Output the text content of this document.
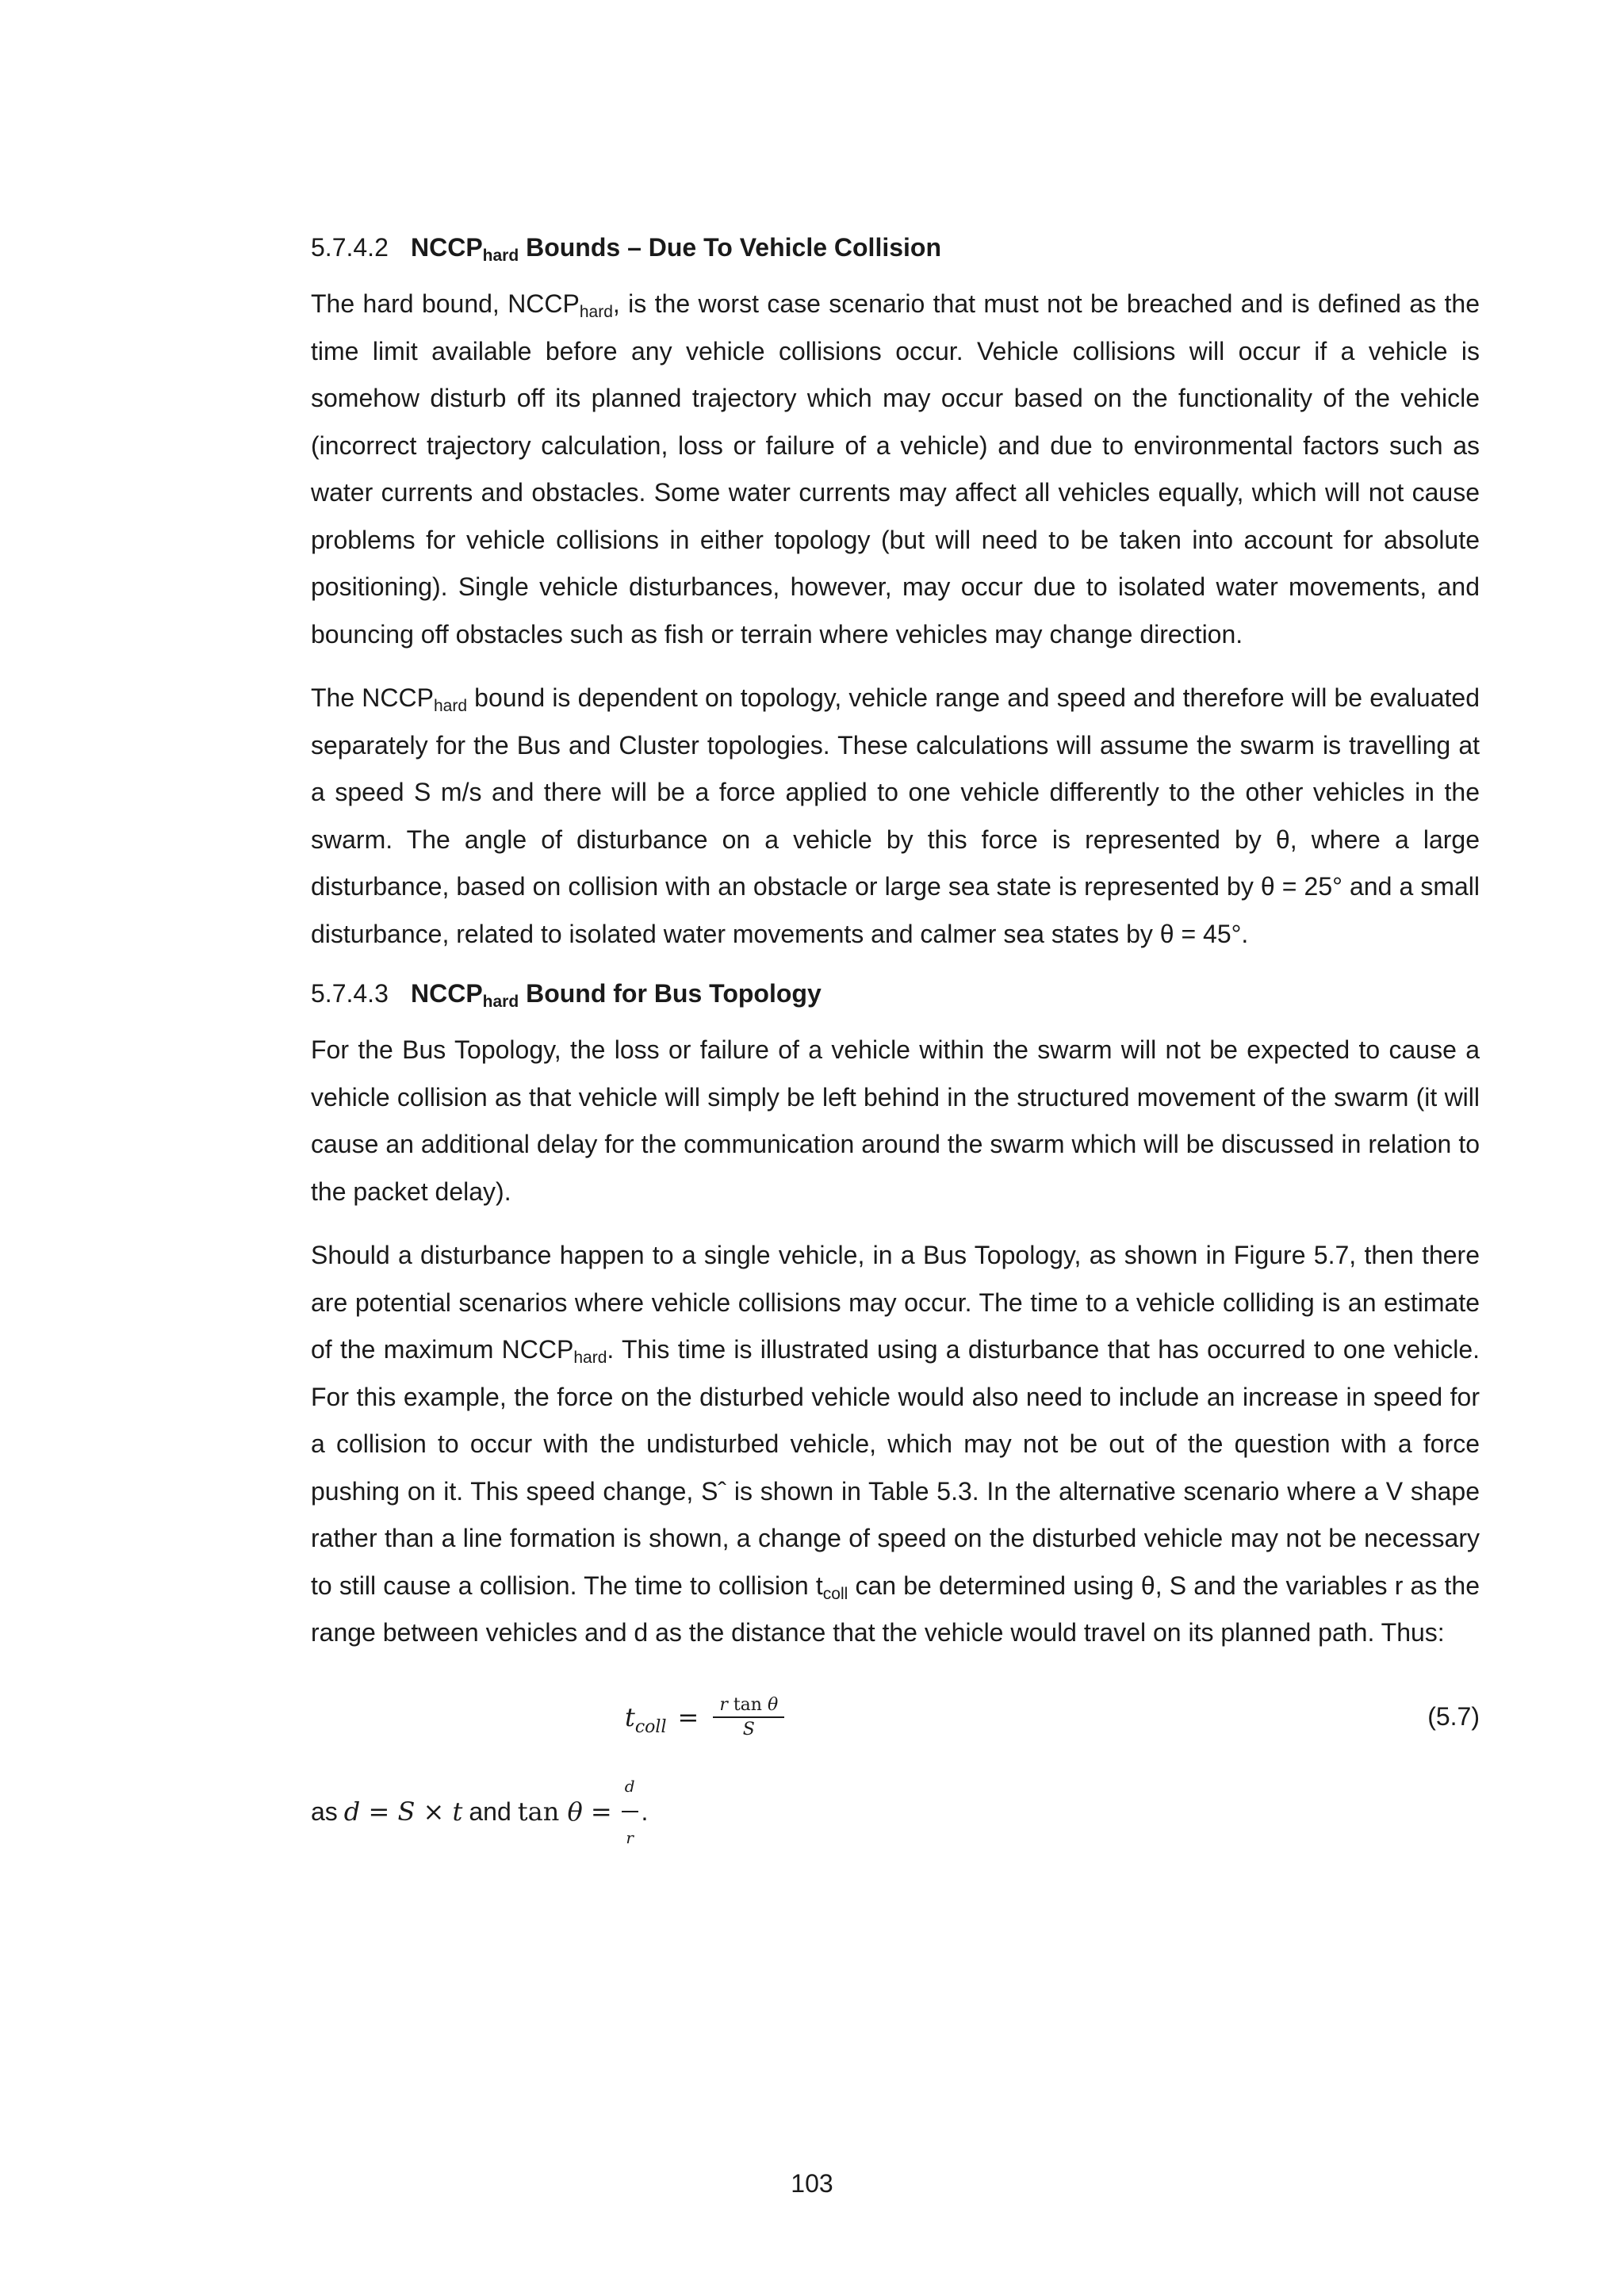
5.7.4.2 $NCCP_{hard}$ Bounds – Due To Vehicle Collision

The hard bound, $NCCP_{hard}$, is the worst case scenario that must not be breached and is defined as the time limit available before any vehicle collisions occur. Vehicle collisions will occur if a vehicle is somehow disturb off its planned trajectory which may occur based on the functionality of the vehicle (incorrect trajectory calculation, loss or failure of a vehicle) and due to environmental factors such as water currents and obstacles. Some water currents may affect all vehicles equally, which will not cause problems for vehicle collisions in either topology (but will need to be taken into account for absolute positioning). Single vehicle disturbances, however, may occur due to isolated water movements, and bouncing off obstacles such as fish or terrain where vehicles may change direction.

The $NCCP_{hard}$ bound is dependent on topology, vehicle range and speed and therefore will be evaluated separately for the Bus and Cluster topologies. These calculations will assume the swarm is travelling at a speed S m/s and there will be a force applied to one vehicle differently to the other vehicles in the swarm. The angle of disturbance on a vehicle by this force is represented by θ, where a large disturbance, based on collision with an obstacle or large sea state is represented by θ = 25° and a small disturbance, related to isolated water movements and calmer sea states by θ = 45°.

5.7.4.3 $NCCP_{hard}$ Bound for Bus Topology

For the Bus Topology, the loss or failure of a vehicle within the swarm will not be expected to cause a vehicle collision as that vehicle will simply be left behind in the structured movement of the swarm (it will cause an additional delay for the communication around the swarm which will be discussed in relation to the packet delay).

Should a disturbance happen to a single vehicle, in a Bus Topology, as shown in Figure 5.7, then there are potential scenarios where vehicle collisions may occur. The time to a vehicle colliding is an estimate of the maximum $NCCP_{hard}$. This time is illustrated using a disturbance that has occurred to one vehicle. For this example, the force on the disturbed vehicle would also need to include an increase in speed for a collision to occur with the undisturbed vehicle, which may not be out of the question with a force pushing on it. This speed change, Sˆ is shown in Table 5.3. In the alternative scenario where a V shape rather than a line formation is shown, a change of speed on the disturbed vehicle may not be necessary to still cause a collision. The time to collision $t_{coll}$ can be determined using θ, S and the variables r as the range between vehicles and d as the distance that the vehicle would travel on its planned path. Thus:

$t_{coll} = \frac{\text{r tan θ}}{S}$	(5.7)
as d = S × t and $\tan \theta = \frac{d}{r}$ .
103
